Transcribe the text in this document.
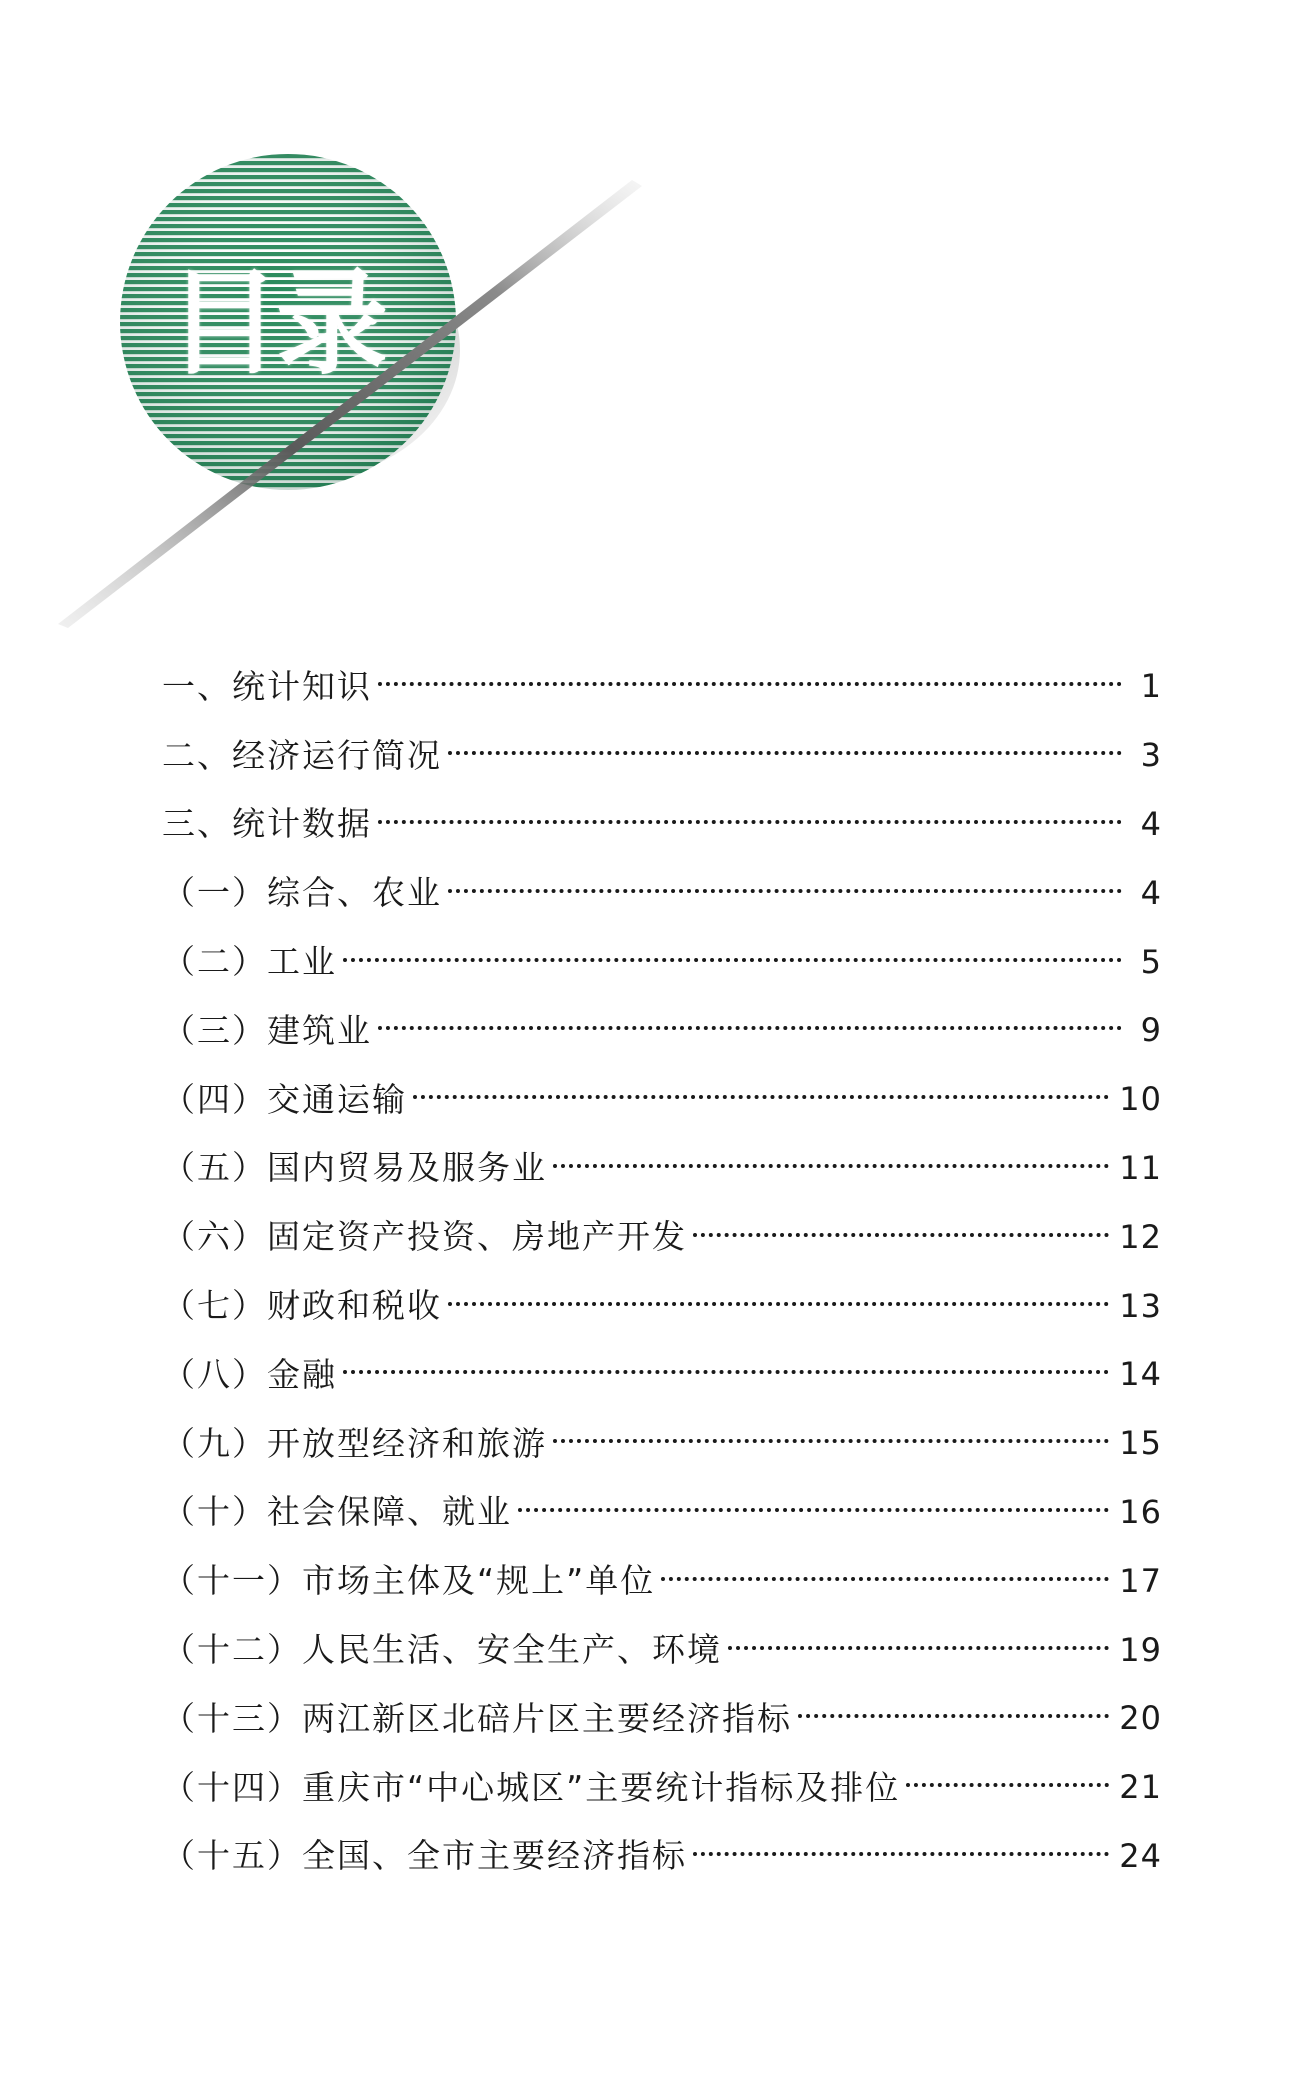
目录
一、统计知识	1
二、经济运行简况	3
三、统计数据	4
（一）综合、农业	4
（二）工业	5
（三）建筑业	9
（四）交通运输	10
（五）国内贸易及服务业	11
（六）固定资产投资、房地产开发	12
（七）财政和税收	13
（八）金融	14
（九）开放型经济和旅游	15
（十）社会保障、就业	16
（十一）市场主体及“规上”单位	17
（十二）人民生活、安全生产、环境	19
（十三）两江新区北碚片区主要经济指标	20
（十四）重庆市“中心城区”主要统计指标及排位	21
（十五）全国、全市主要经济指标	24
